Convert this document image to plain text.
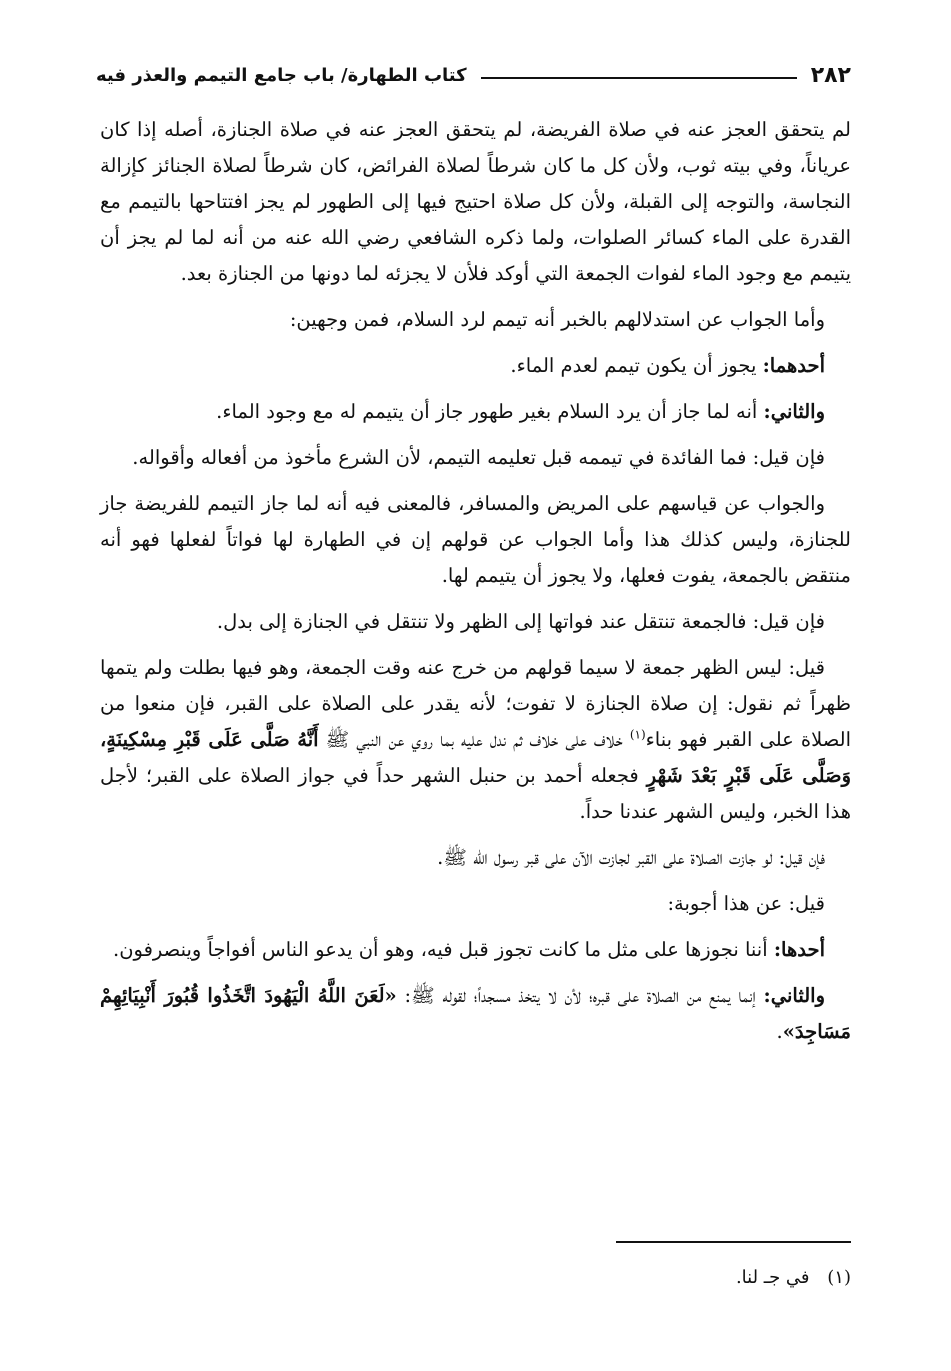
٢٨٢
كتاب الطهارة/ باب جامع التيمم والعذر فيه

لم يتحقق العجز عنه في صلاة الفريضة، لم يتحقق العجز عنه في صلاة الجنازة، أصله إذا كان عرياناً، وفي بيته ثوب، ولأن كل ما كان شرطاً لصلاة الفرائض، كان شرطاً لصلاة الجنائز كإزالة النجاسة، والتوجه إلى القبلة، ولأن كل صلاة احتيج فيها إلى الطهور لم يجز افتتاحها بالتيمم مع القدرة على الماء كسائر الصلوات، ولما ذكره الشافعي رضي الله عنه من أنه لما لم يجز أن يتيمم مع وجود الماء لفوات الجمعة التي أوكد فلأن لا يجزئه لما دونها من الجنازة بعد.

وأما الجواب عن استدلالهم بالخبر أنه تيمم لرد السلام، فمن وجهين:

أحدهما: يجوز أن يكون تيمم لعدم الماء.

والثاني: أنه لما جاز أن يرد السلام بغير طهور جاز أن يتيمم له مع وجود الماء.

فإن قيل: فما الفائدة في تيممه قبل تعليمه التيمم، لأن الشرع مأخوذ من أفعاله وأقواله.

والجواب عن قياسهم على المريض والمسافر، فالمعنى فيه أنه لما جاز التيمم للفريضة جاز للجنازة، وليس كذلك هذا وأما الجواب عن قولهم إن في الطهارة لها فواتاً لفعلها فهو أنه منتقض بالجمعة، يفوت فعلها، ولا يجوز أن يتيمم لها.

فإن قيل: فالجمعة تنتقل عند فواتها إلى الظهر ولا تنتقل في الجنازة إلى بدل.

قيل: ليس الظهر جمعة لا سيما قولهم من خرج عنه وقت الجمعة، وهو فيها بطلت ولم يتمها ظهراً ثم نقول: إن صلاة الجنازة لا تفوت؛ لأنه يقدر على الصلاة على القبر، فإن منعوا من الصلاة على القبر فهو بناء$^{(١)}$ خلاف على خلاف ثم ندل عليه بما روي عن النبي ﷺ أَنَّهُ صَلَّى عَلَى قَبْرِ مِسْكِينَةٍ، وَصَلَّى عَلَى قَبْرٍ بَعْدَ شَهْرٍ فجعله أحمد بن حنبل الشهر حداً في جواز الصلاة على القبر؛ لأجل هذا الخبر، وليس الشهر عندنا حداً.

فإن قيل: لو جازت الصلاة على القبر لجازت الآن على قبر رسول الله ﷺ.

قيل: عن هذا أجوبة:

أحدها: أننا نجوزها على مثل ما كانت تجوز قبل فيه، وهو أن يدعو الناس أفواجاً وينصرفون.

والثاني: إنما يمنع من الصلاة على قبره؛ لأن لا يتخذ مسجداً؛ لقوله ﷺ: «لَعَنَ اللَّهُ الْيَهُودَ اتَّخَذُوا قُبُورَ أَنْبِيَائِهِمْ مَسَاجِدَ».

(١) في جـ لنا.
